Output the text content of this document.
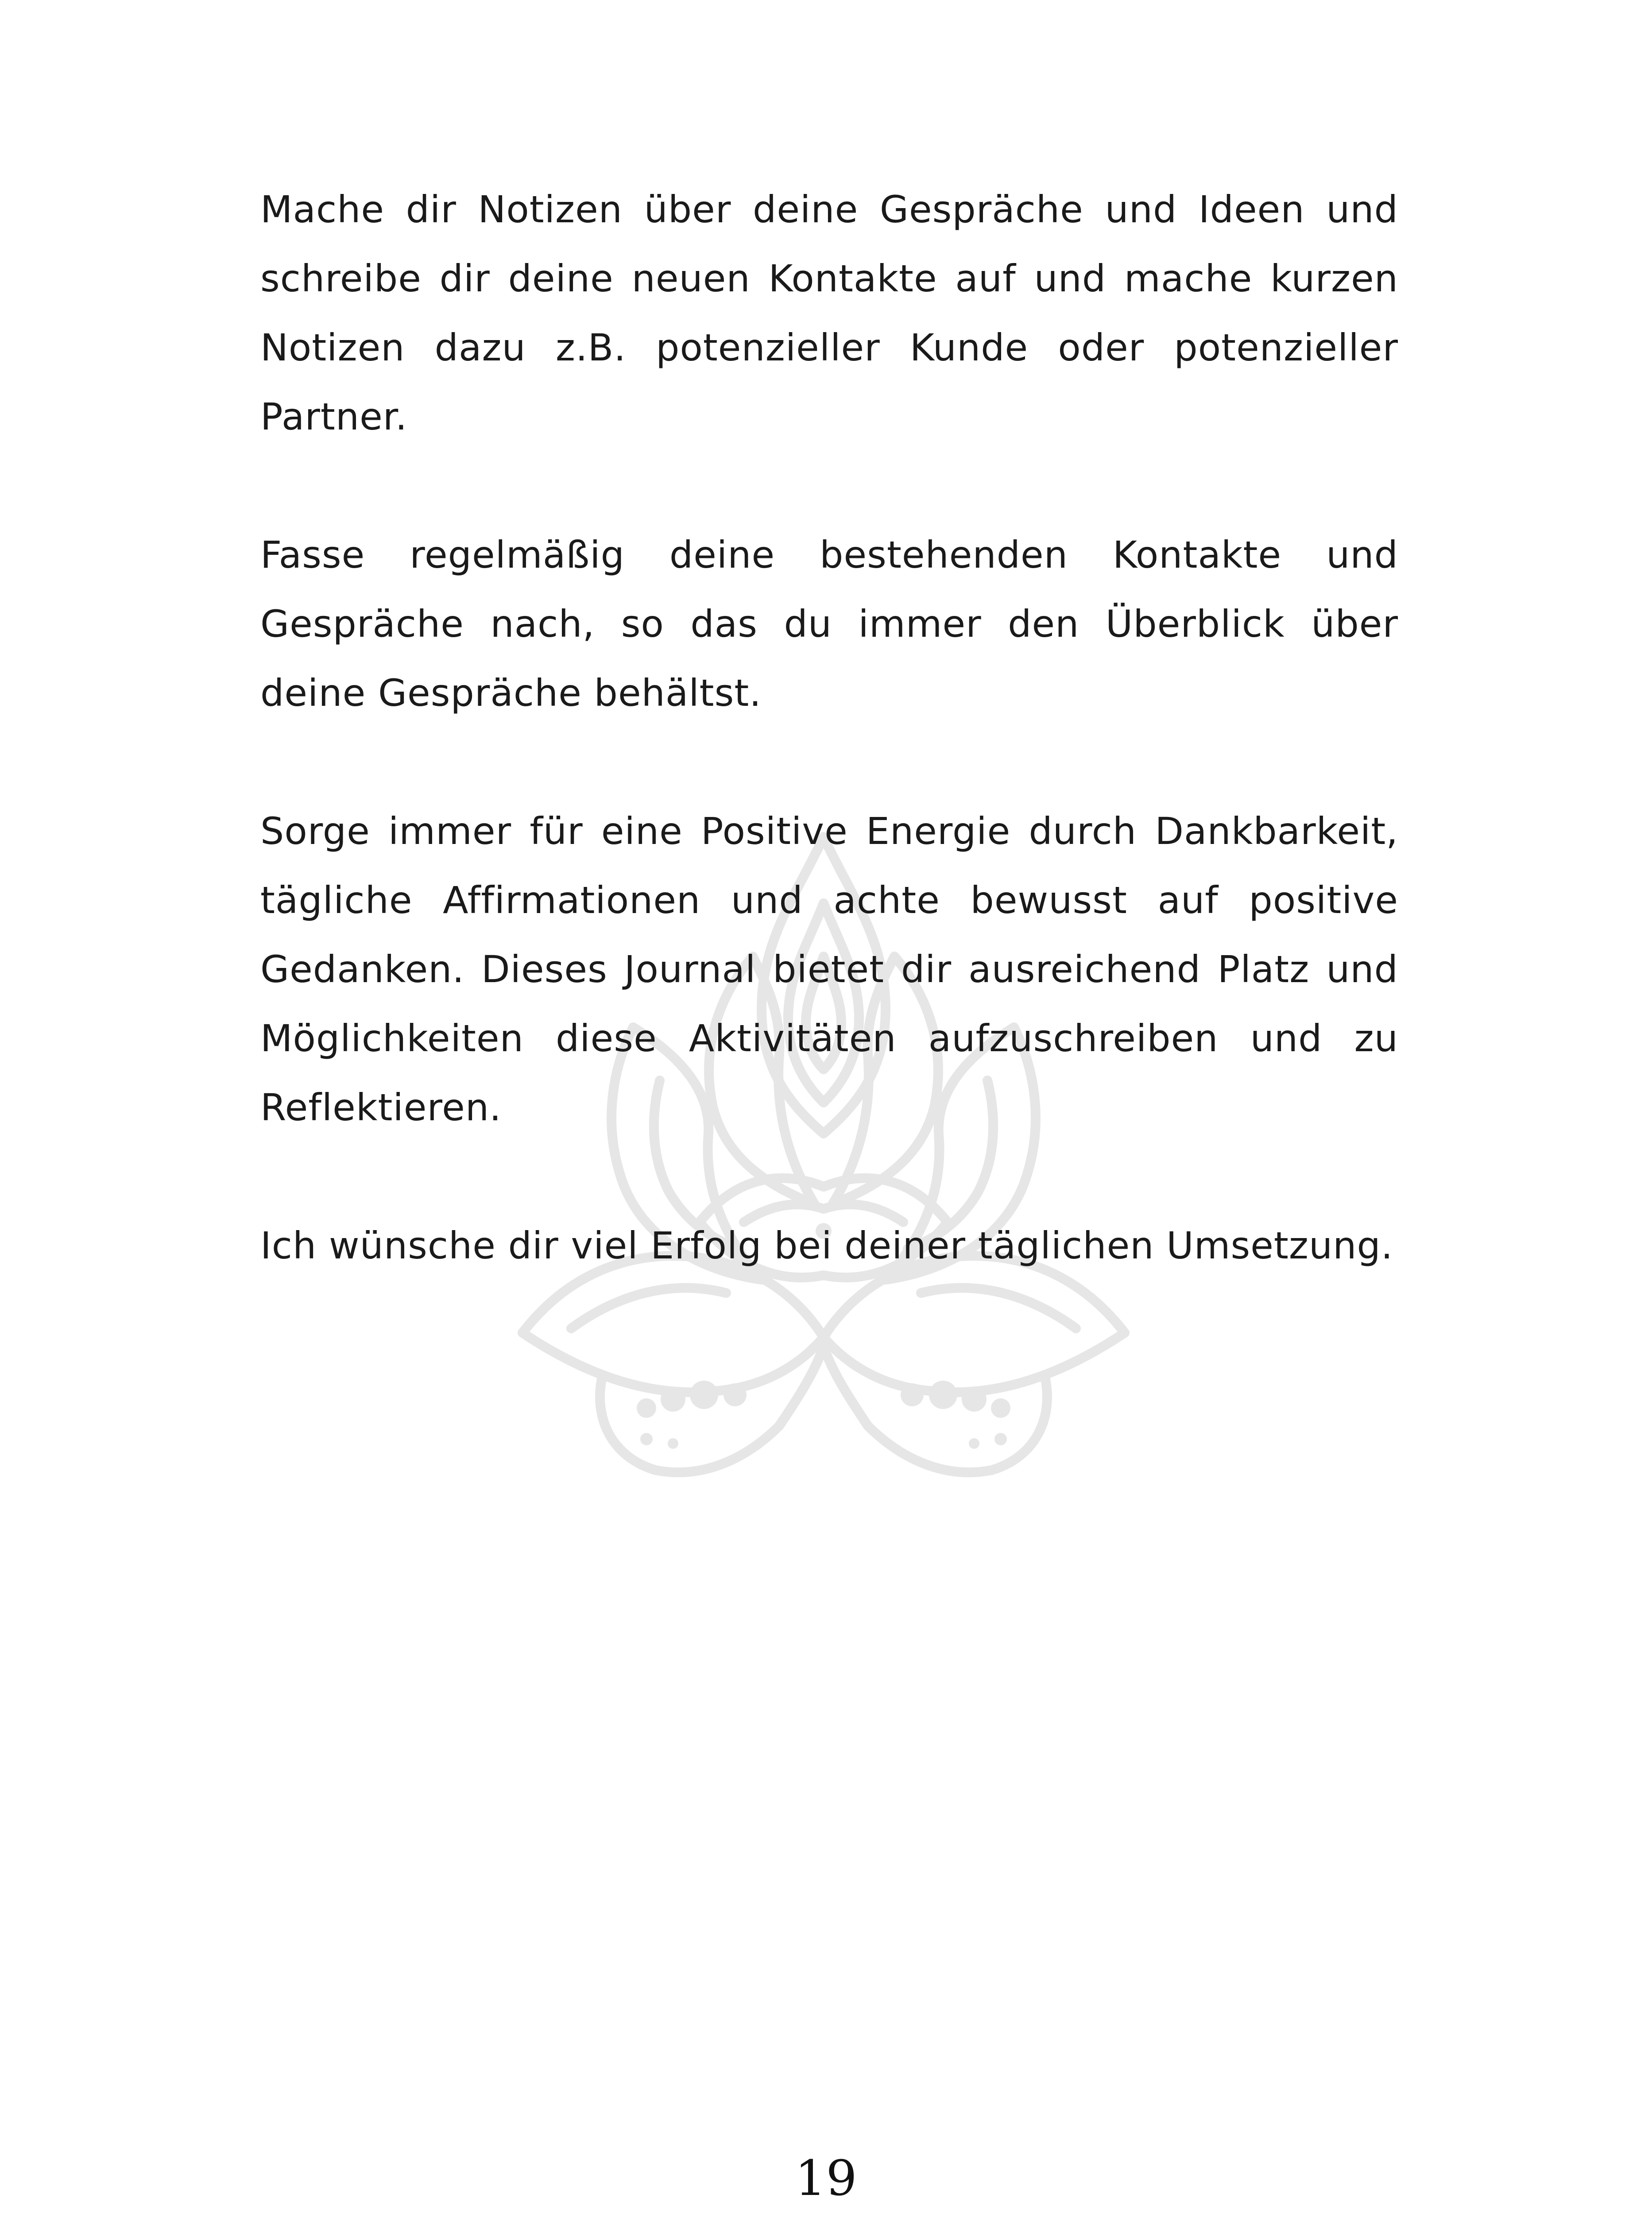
Mache dir Notizen über deine Gespräche und Ideen und schreibe dir deine neuen Kontakte auf und mache kurzen Notizen dazu z.B. potenzieller Kunde oder potenzieller Partner.

Fasse regelmäßig deine bestehenden Kontakte und Gespräche nach, so das du immer den Überblick über deine Gespräche behältst.

Sorge immer für eine Positive Energie durch Dankbarkeit, tägliche Affirmationen und achte bewusst auf positive Gedanken. Dieses Journal bietet dir ausreichend Platz und Möglichkeiten diese Aktivitäten aufzuschreiben und zu Reflektieren.

Ich wünsche dir viel Erfolg bei deiner täglichen Umsetzung.

19
